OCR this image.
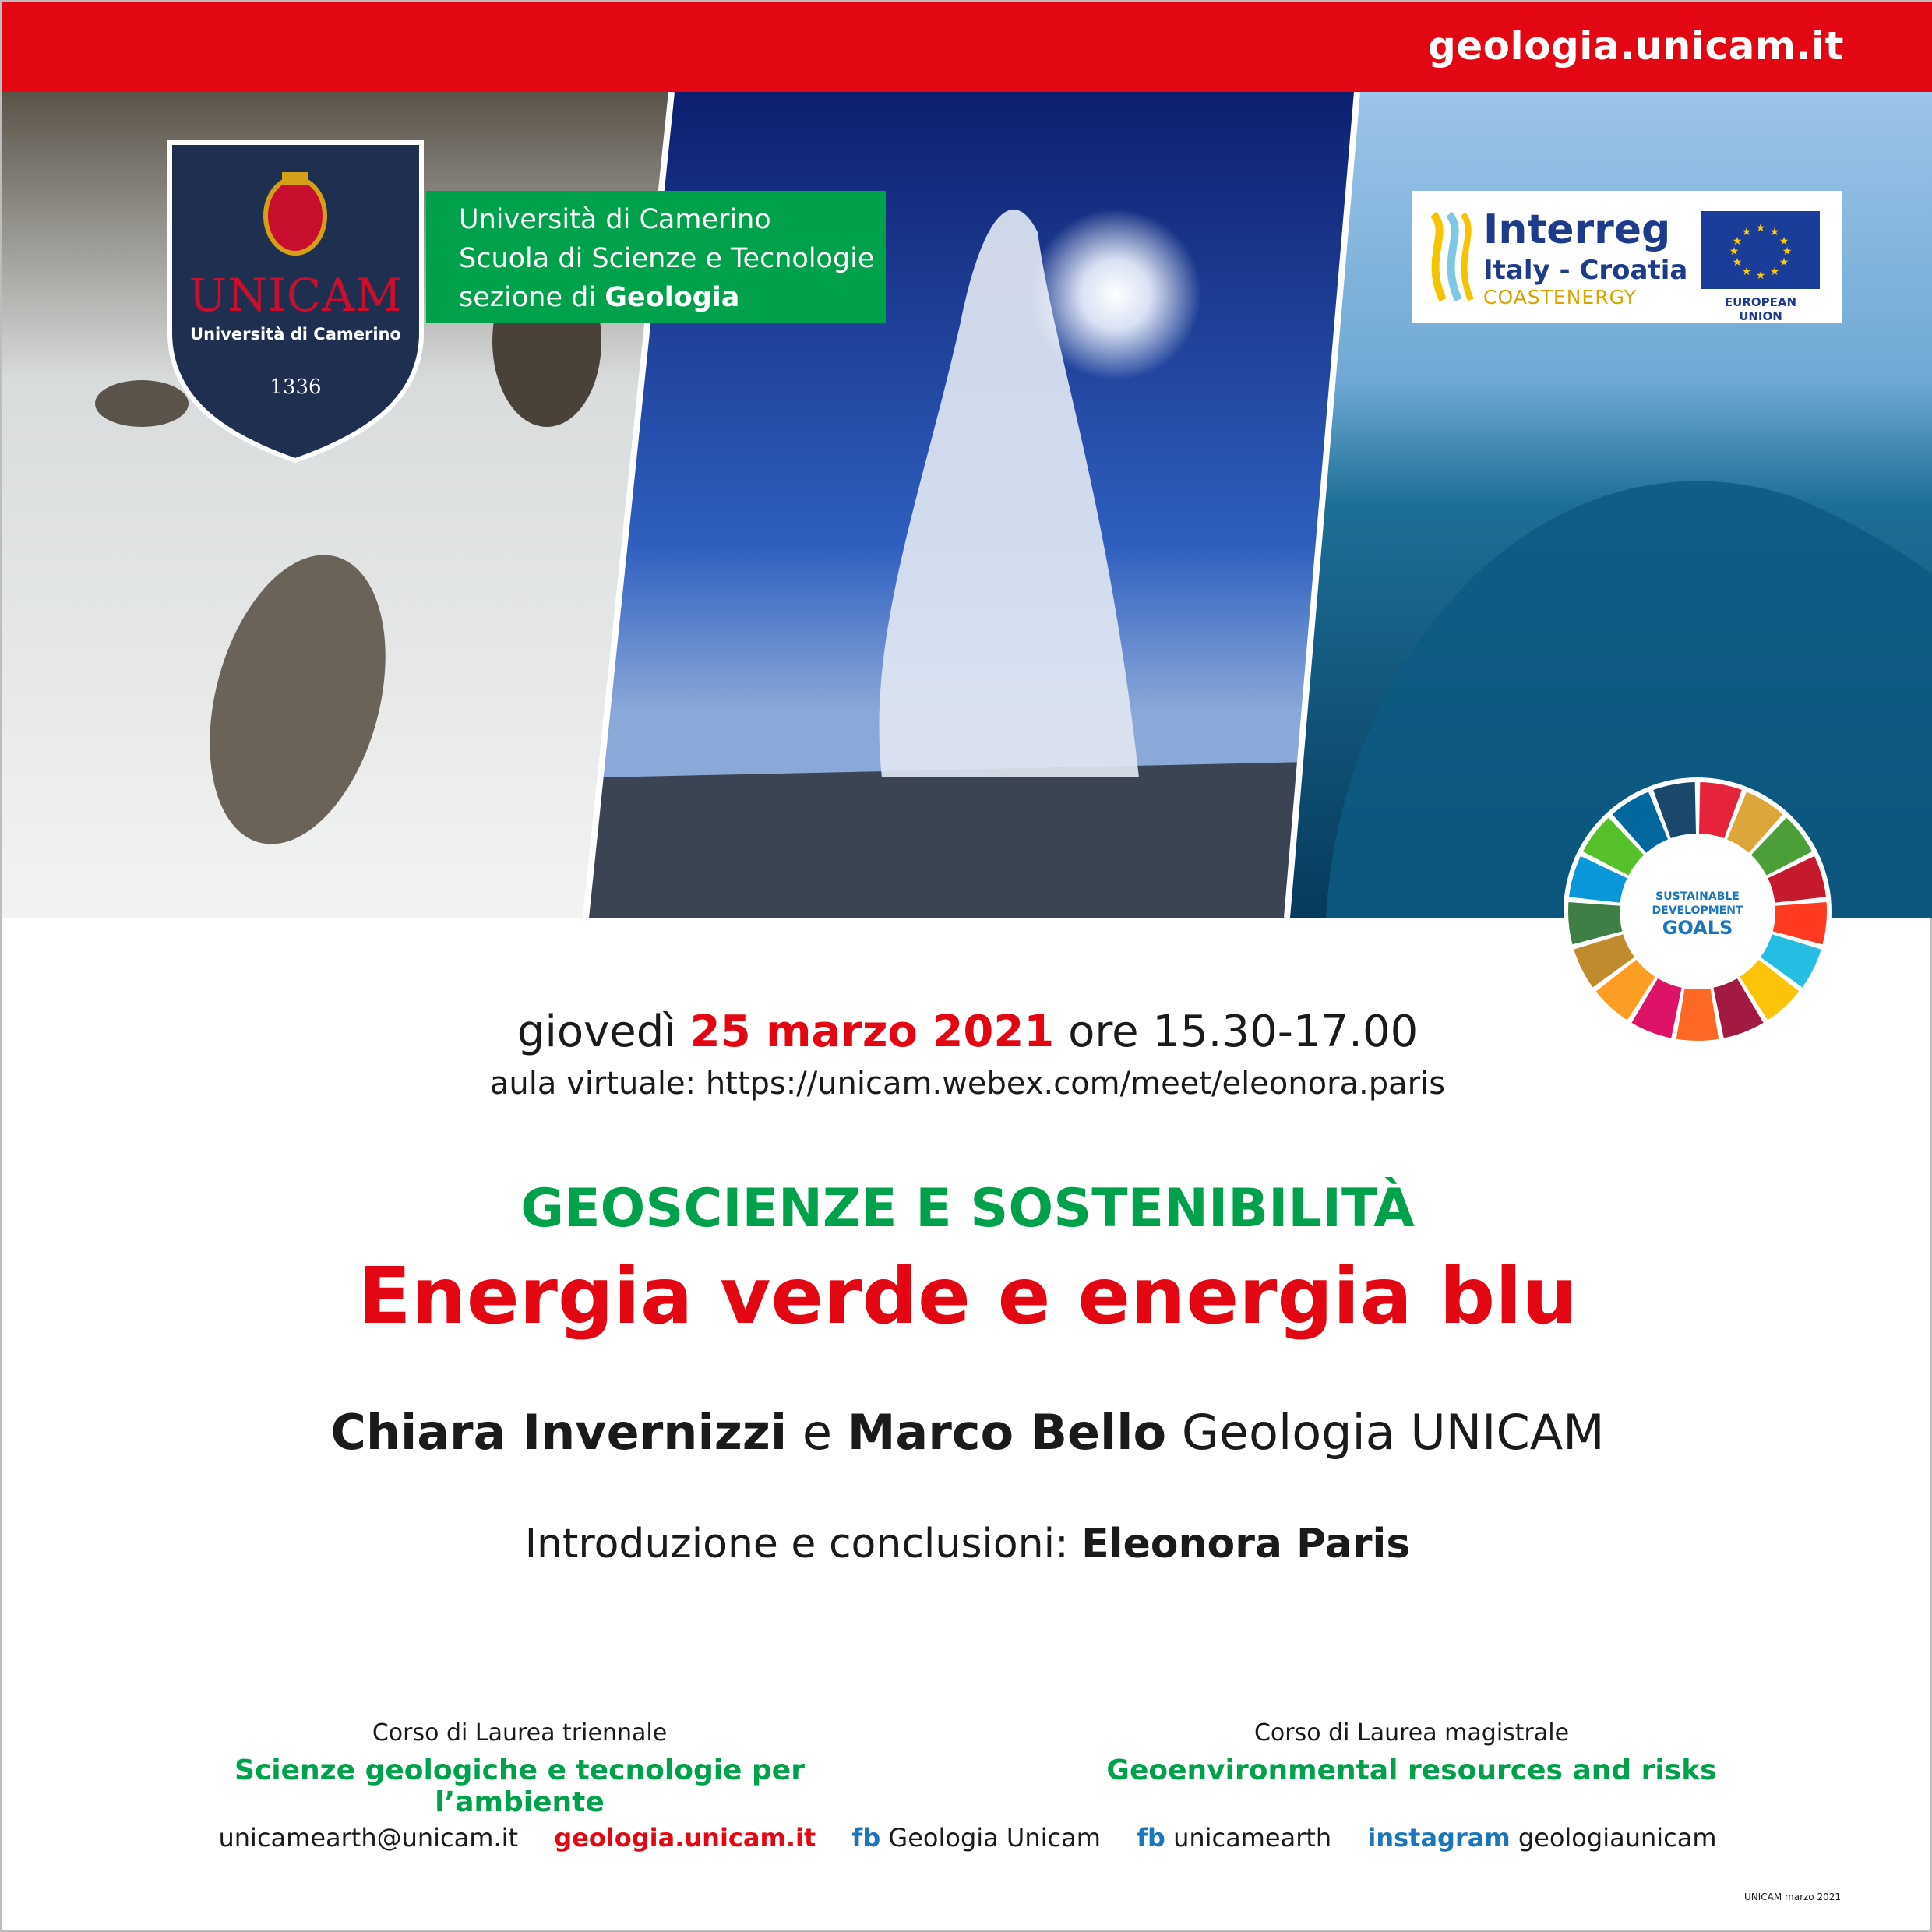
geologia.unicam.it
UNICAM
Università di Camerino
1336
Università di Camerino
Scuola di Scienze e Tecnologie
sezione di Geologia
Interreg
Italy - Croatia
COASTENERGY
★ ★
★
★
★
★
★
★
★
★
★
★
EUROPEAN UNION
SUSTAINABLE
DEVELOPMENT
GOALS
giovedì 25 marzo 2021 ore 15.30-17.00
aula virtuale: https://unicam.webex.com/meet/eleonora.paris
GEOSCIENZE E SOSTENIBILITÀ
Energia verde e energia blu
Chiara Invernizzi e Marco Bello Geologia UNICAM
Introduzione e conclusioni: Eleonora Paris
Corso di Laurea triennale
Scienze geologiche e tecnologie per l’ambiente
Corso di Laurea magistrale
Geoenvironmental resources and risks
unicamearth@unicam.it geologia.unicam.it fb Geologia Unicam fb unicamearth instagram geologiaunicam
UNICAM marzo 2021
